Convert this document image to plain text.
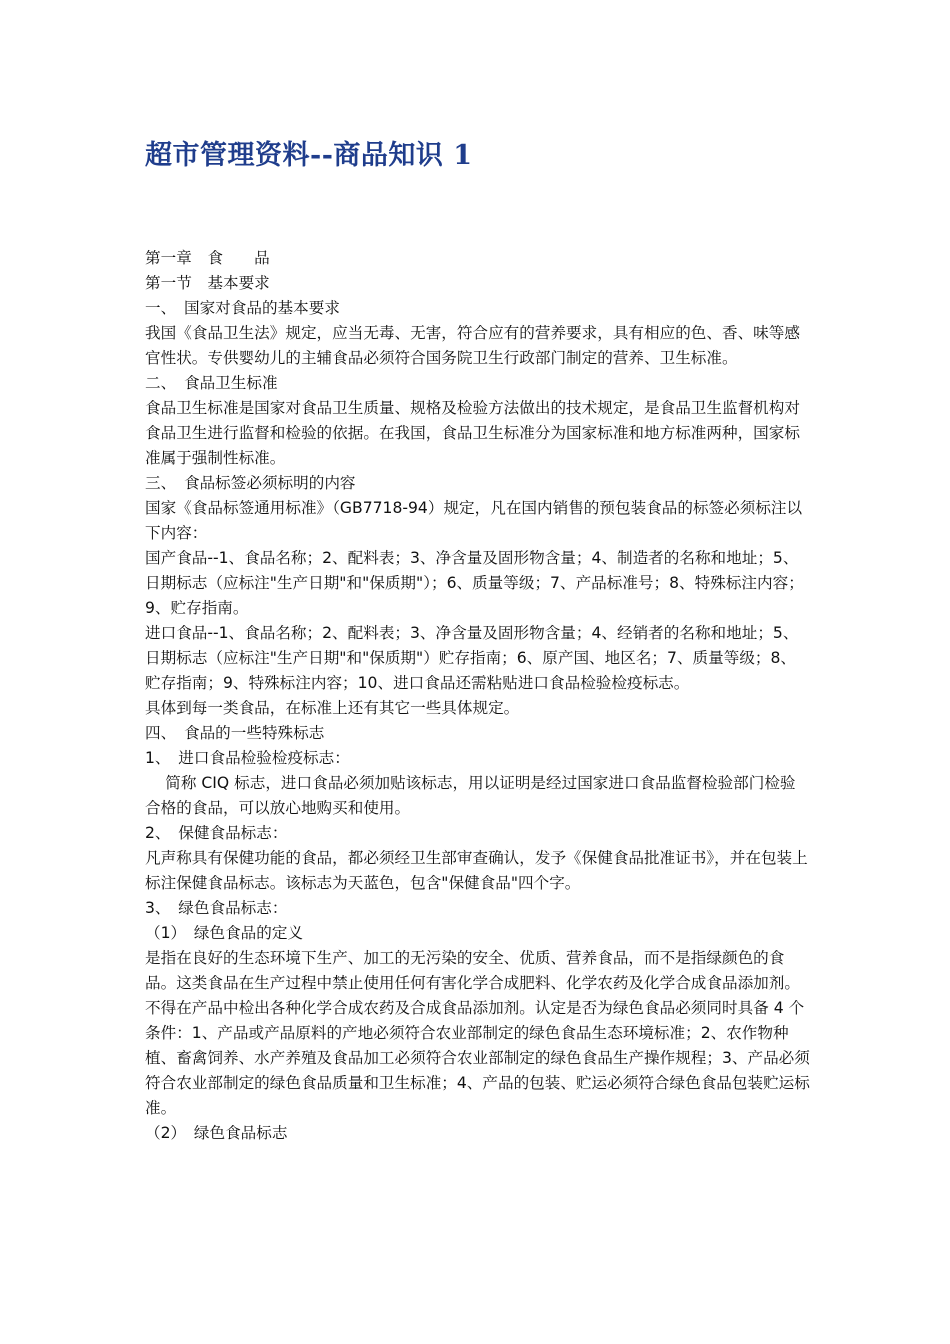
超市管理资料--商品知识 1

第一章　食　　品

第一节　基本要求

一、　国家对食品的基本要求

我国《食品卫生法》规定，应当无毒、无害，符合应有的营养要求，具有相应的色、香、味等感官性状。专供婴幼儿的主辅食品必须符合国务院卫生行政部门制定的营养、卫生标准。

二、　食品卫生标准

食品卫生标准是国家对食品卫生质量、规格及检验方法做出的技术规定，是食品卫生监督机构对食品卫生进行监督和检验的依据。在我国，食品卫生标准分为国家标准和地方标准两种，国家标准属于强制性标准。

三、　食品标签必须标明的内容

国家《食品标签通用标准》（GB7718-94）规定，凡在国内销售的预包装食品的标签必须标注以下内容：

国产食品--1、食品名称；2、配料表；3、净含量及固形物含量；4、制造者的名称和地址；5、日期标志（应标注"生产日期"和"保质期"）；6、质量等级；7、产品标准号；8、特殊标注内容；9、贮存指南。

进口食品--1、食品名称；2、配料表；3、净含量及固形物含量；4、经销者的名称和地址；5、日期标志（应标注"生产日期"和"保质期"）贮存指南；6、原产国、地区名；7、质量等级；8、贮存指南；9、特殊标注内容；10、进口食品还需粘贴进口食品检验检疫标志。

具体到每一类食品，在标准上还有其它一些具体规定。

四、　食品的一些特殊标志

1、　进口食品检验检疫标志：

简称 CIQ 标志，进口食品必须加贴该标志，用以证明是经过国家进口食品监督检验部门检验合格的食品，可以放心地购买和使用。

2、　保健食品标志：

凡声称具有保健功能的食品，都必须经卫生部审查确认，发予《保健食品批准证书》，并在包装上标注保健食品标志。该标志为天蓝色，包含"保健食品"四个字。

3、　绿色食品标志：

（1）　绿色食品的定义

是指在良好的生态环境下生产、加工的无污染的安全、优质、营养食品，而不是指绿颜色的食品。这类食品在生产过程中禁止使用任何有害化学合成肥料、化学农药及化学合成食品添加剂。不得在产品中检出各种化学合成农药及合成食品添加剂。认定是否为绿色食品必须同时具备 4 个条件：1、产品或产品原料的产地必须符合农业部制定的绿色食品生态环境标准；2、农作物种植、畜禽饲养、水产养殖及食品加工必须符合农业部制定的绿色食品生产操作规程；3、产品必须符合农业部制定的绿色食品质量和卫生标准；4、产品的包装、贮运必须符合绿色食品包装贮运标准。

（2）　绿色食品标志
